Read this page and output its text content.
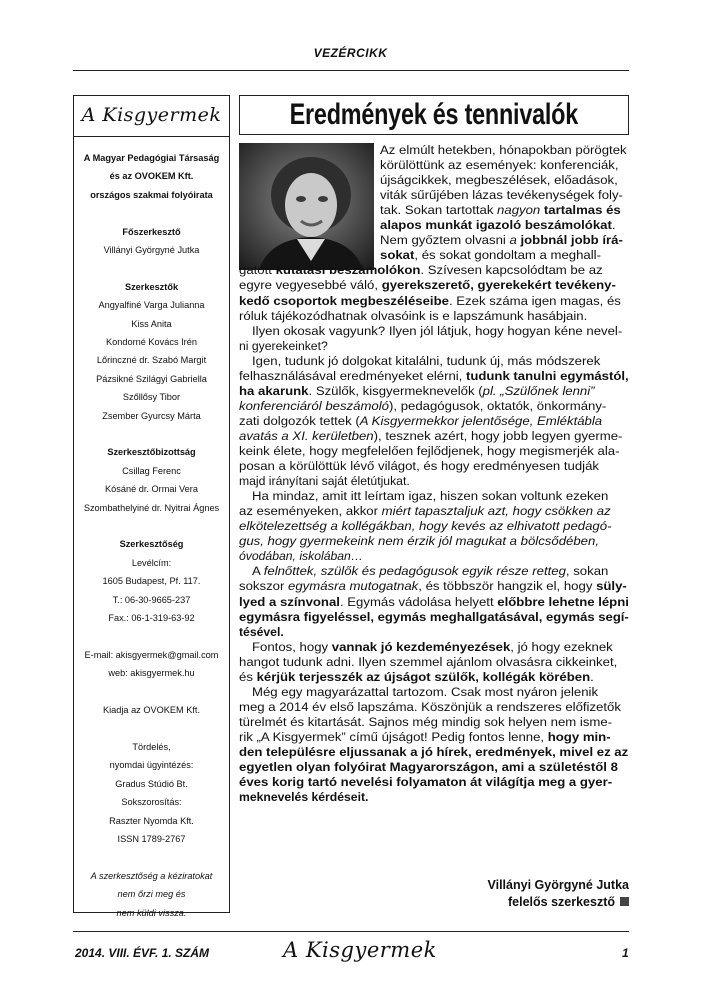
VEZÉRCIKK
A Kisgyermek
A Magyar Pedagógiai Társaság
és az OVOKEM Kft.
országos szakmai folyóirata
Főszerkesztő
Villányi Györgyné Jutka
Szerkesztők
Angyalfiné Varga Julianna
Kiss Anita
Kondorné Kovács Irén
Lőrinczné dr. Szabó Margit
Pázsikné Szilágyi Gabriella
Szőllősy Tibor
Zsember Gyurcsy Márta
Szerkesztőbizottság
Csillag Ferenc
Kósáné dr. Ormai Vera
Szombathelyiné dr. Nyitrai Ágnes
Szerkesztőség
Levélcím:
1605 Budapest, Pf. 117.
T.: 06-30-9665-237
Fax.: 06-1-319-63-92
E-mail: akisgyermek@gmail.com
web: akisgyermek.hu
Kiadja az OVOKEM Kft.
Tördelés,
nyomdai ügyintézés:
Gradus Stúdió Bt.
Sokszorosítás:
Raszter Nyomda Kft.
ISSN 1789-2767
A szerkesztőség a kéziratokat
nem őrzi meg és
nem küldi vissza.
Eredmények és tennivalók
Az elmúlt hetekben, hónapokban pörögtek
körülöttünk az események: konferenciák,
újságcikkek, megbeszélések, előadások,
viták sűrűjében lázas tevékenységek foly-
tak. Sokan tartottak nagyon tartalmas és
alapos munkát igazoló beszámolókat.
Nem győztem olvasni a jobbnál jobb írá-
sokat, és sokat gondoltam a meghall-
gatott kutatási beszámolókon. Szívesen kapcsolódtam be az
egyre vegyesebbé váló, gyerekszerető, gyerekekért tevékeny-
kedő csoportok megbeszéléseibe. Ezek száma igen magas, és
róluk tájékozódhatnak olvasóink is e lapszámunk hasábjain.
Ilyen okosak vagyunk? Ilyen jól látjuk, hogy hogyan kéne nevel-
ni gyerekeinket?
Igen, tudunk jó dolgokat kitalálni, tudunk új, más módszerek
felhasználásával eredményeket elérni, tudunk tanulni egymástól,
ha akarunk. Szülők, kisgyermeknevelők (pl. „Szülőnek lenni”
konferenciáról beszámoló), pedagógusok, oktatók, önkormány-
zati dolgozók tettek (A Kisgyermekkor jelentősége, Emléktábla
avatás a XI. kerületben), tesznek azért, hogy jobb legyen gyerme-
keink élete, hogy megfelelően fejlődjenek, hogy megismerjék ala-
posan a körülöttük lévő világot, és hogy eredményesen tudják
majd irányítani saját életútjukat.
Ha mindaz, amit itt leírtam igaz, hiszen sokan voltunk ezeken
az eseményeken, akkor miért tapasztaljuk azt, hogy csökken az
elkötelezettség a kollégákban, hogy kevés az elhivatott pedagó-
gus, hogy gyermekeink nem érzik jól magukat a bölcsődében,
óvodában, iskolában…
A felnőttek, szülők és pedagógusok egyik része retteg, sokan
sokszor egymásra mutogatnak, és többször hangzik el, hogy süly-
lyed a színvonal. Egymás vádolása helyett előbbre lehetne lépni
egymásra figyeléssel, egymás meghallgatásával, egymás segí-
tésével.
Fontos, hogy vannak jó kezdeményezések, jó hogy ezeknek
hangot tudunk adni. Ilyen szemmel ajánlom olvasásra cikkeinket,
és kérjük terjesszék az újságot szülők, kollégák körében.
Még egy magyarázattal tartozom. Csak most nyáron jelenik
meg a 2014 év első lapszáma. Köszönjük a rendszeres előfizetők
türelmét és kitartását. Sajnos még mindig sok helyen nem isme-
rik „A Kisgyermek” című újságot! Pedig fontos lenne, hogy min-
den településre eljussanak a jó hírek, eredmények, mivel ez az
egyetlen olyan folyóirat Magyarországon, ami a születéstől 8
éves korig tartó nevelési folyamaton át világítja meg a gyer-
meknevelés kérdéseit.
Villányi Györgyné Jutka
felelős szerkesztő
2014. VIII. ÉVF. 1. SZÁM	A Kisgyermek	1
